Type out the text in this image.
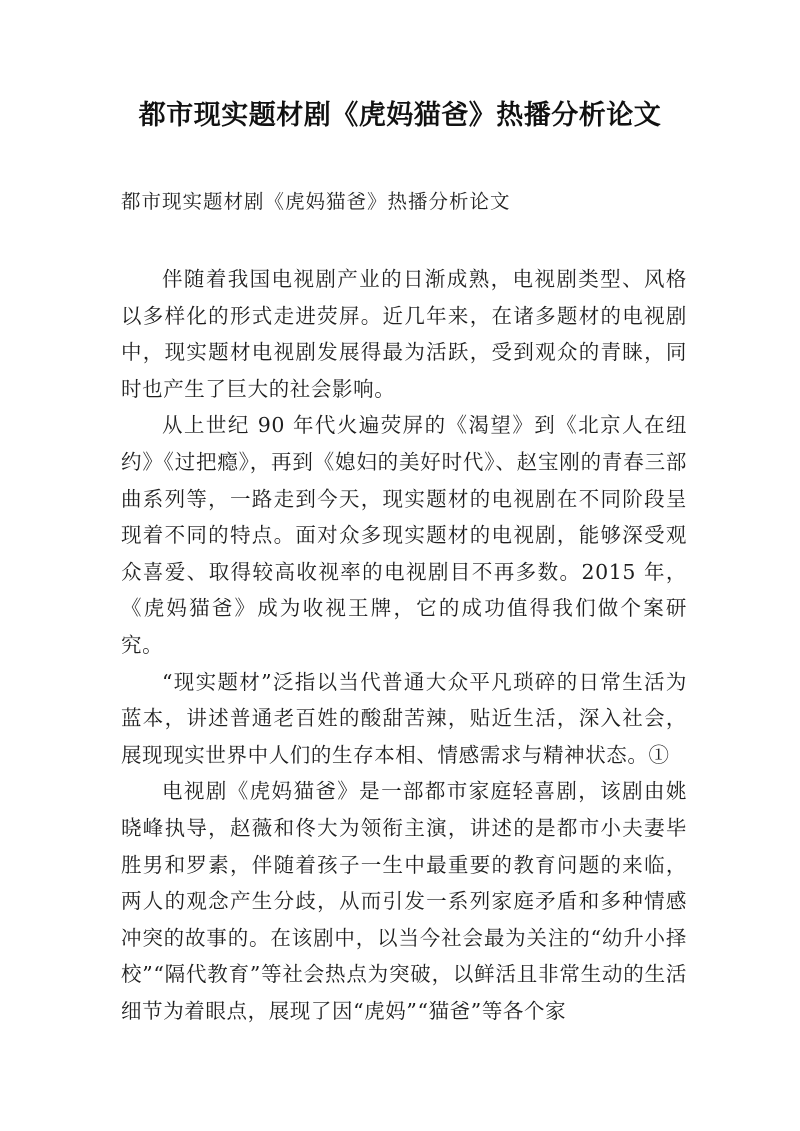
都市现实题材剧《虎妈猫爸》热播分析论文

都市现实题材剧《虎妈猫爸》热播分析论文

伴随着我国电视剧产业的日渐成熟，电视剧类型、风格以多样化的形式走进荧屏。近几年来，在诸多题材的电视剧中，现实题材电视剧发展得最为活跃，受到观众的青睐，同时也产生了巨大的社会影响。

从上世纪 90 年代火遍荧屏的《渴望》到《北京人在纽约》《过把瘾》，再到《媳妇的美好时代》、赵宝刚的青春三部曲系列等，一路走到今天，现实题材的电视剧在不同阶段呈现着不同的特点。面对众多现实题材的电视剧，能够深受观众喜爱、取得较高收视率的电视剧目不再多数。2015 年，《虎妈猫爸》成为收视王牌，它的成功值得我们做个案研究。

“现实题材”泛指以当代普通大众平凡琐碎的日常生活为蓝本，讲述普通老百姓的酸甜苦辣，贴近生活，深入社会，展现现实世界中人们的生存本相、情感需求与精神状态。①

电视剧《虎妈猫爸》是一部都市家庭轻喜剧，该剧由姚晓峰执导，赵薇和佟大为领衔主演，讲述的是都市小夫妻毕胜男和罗素，伴随着孩子一生中最重要的教育问题的来临，两人的观念产生分歧，从而引发一系列家庭矛盾和多种情感冲突的故事的。在该剧中，以当今社会最为关注的“幼升小择校”“隔代教育”等社会热点为突破，以鲜活且非常生动的生活细节为着眼点，展现了因“虎妈”“猫爸”等各个家
